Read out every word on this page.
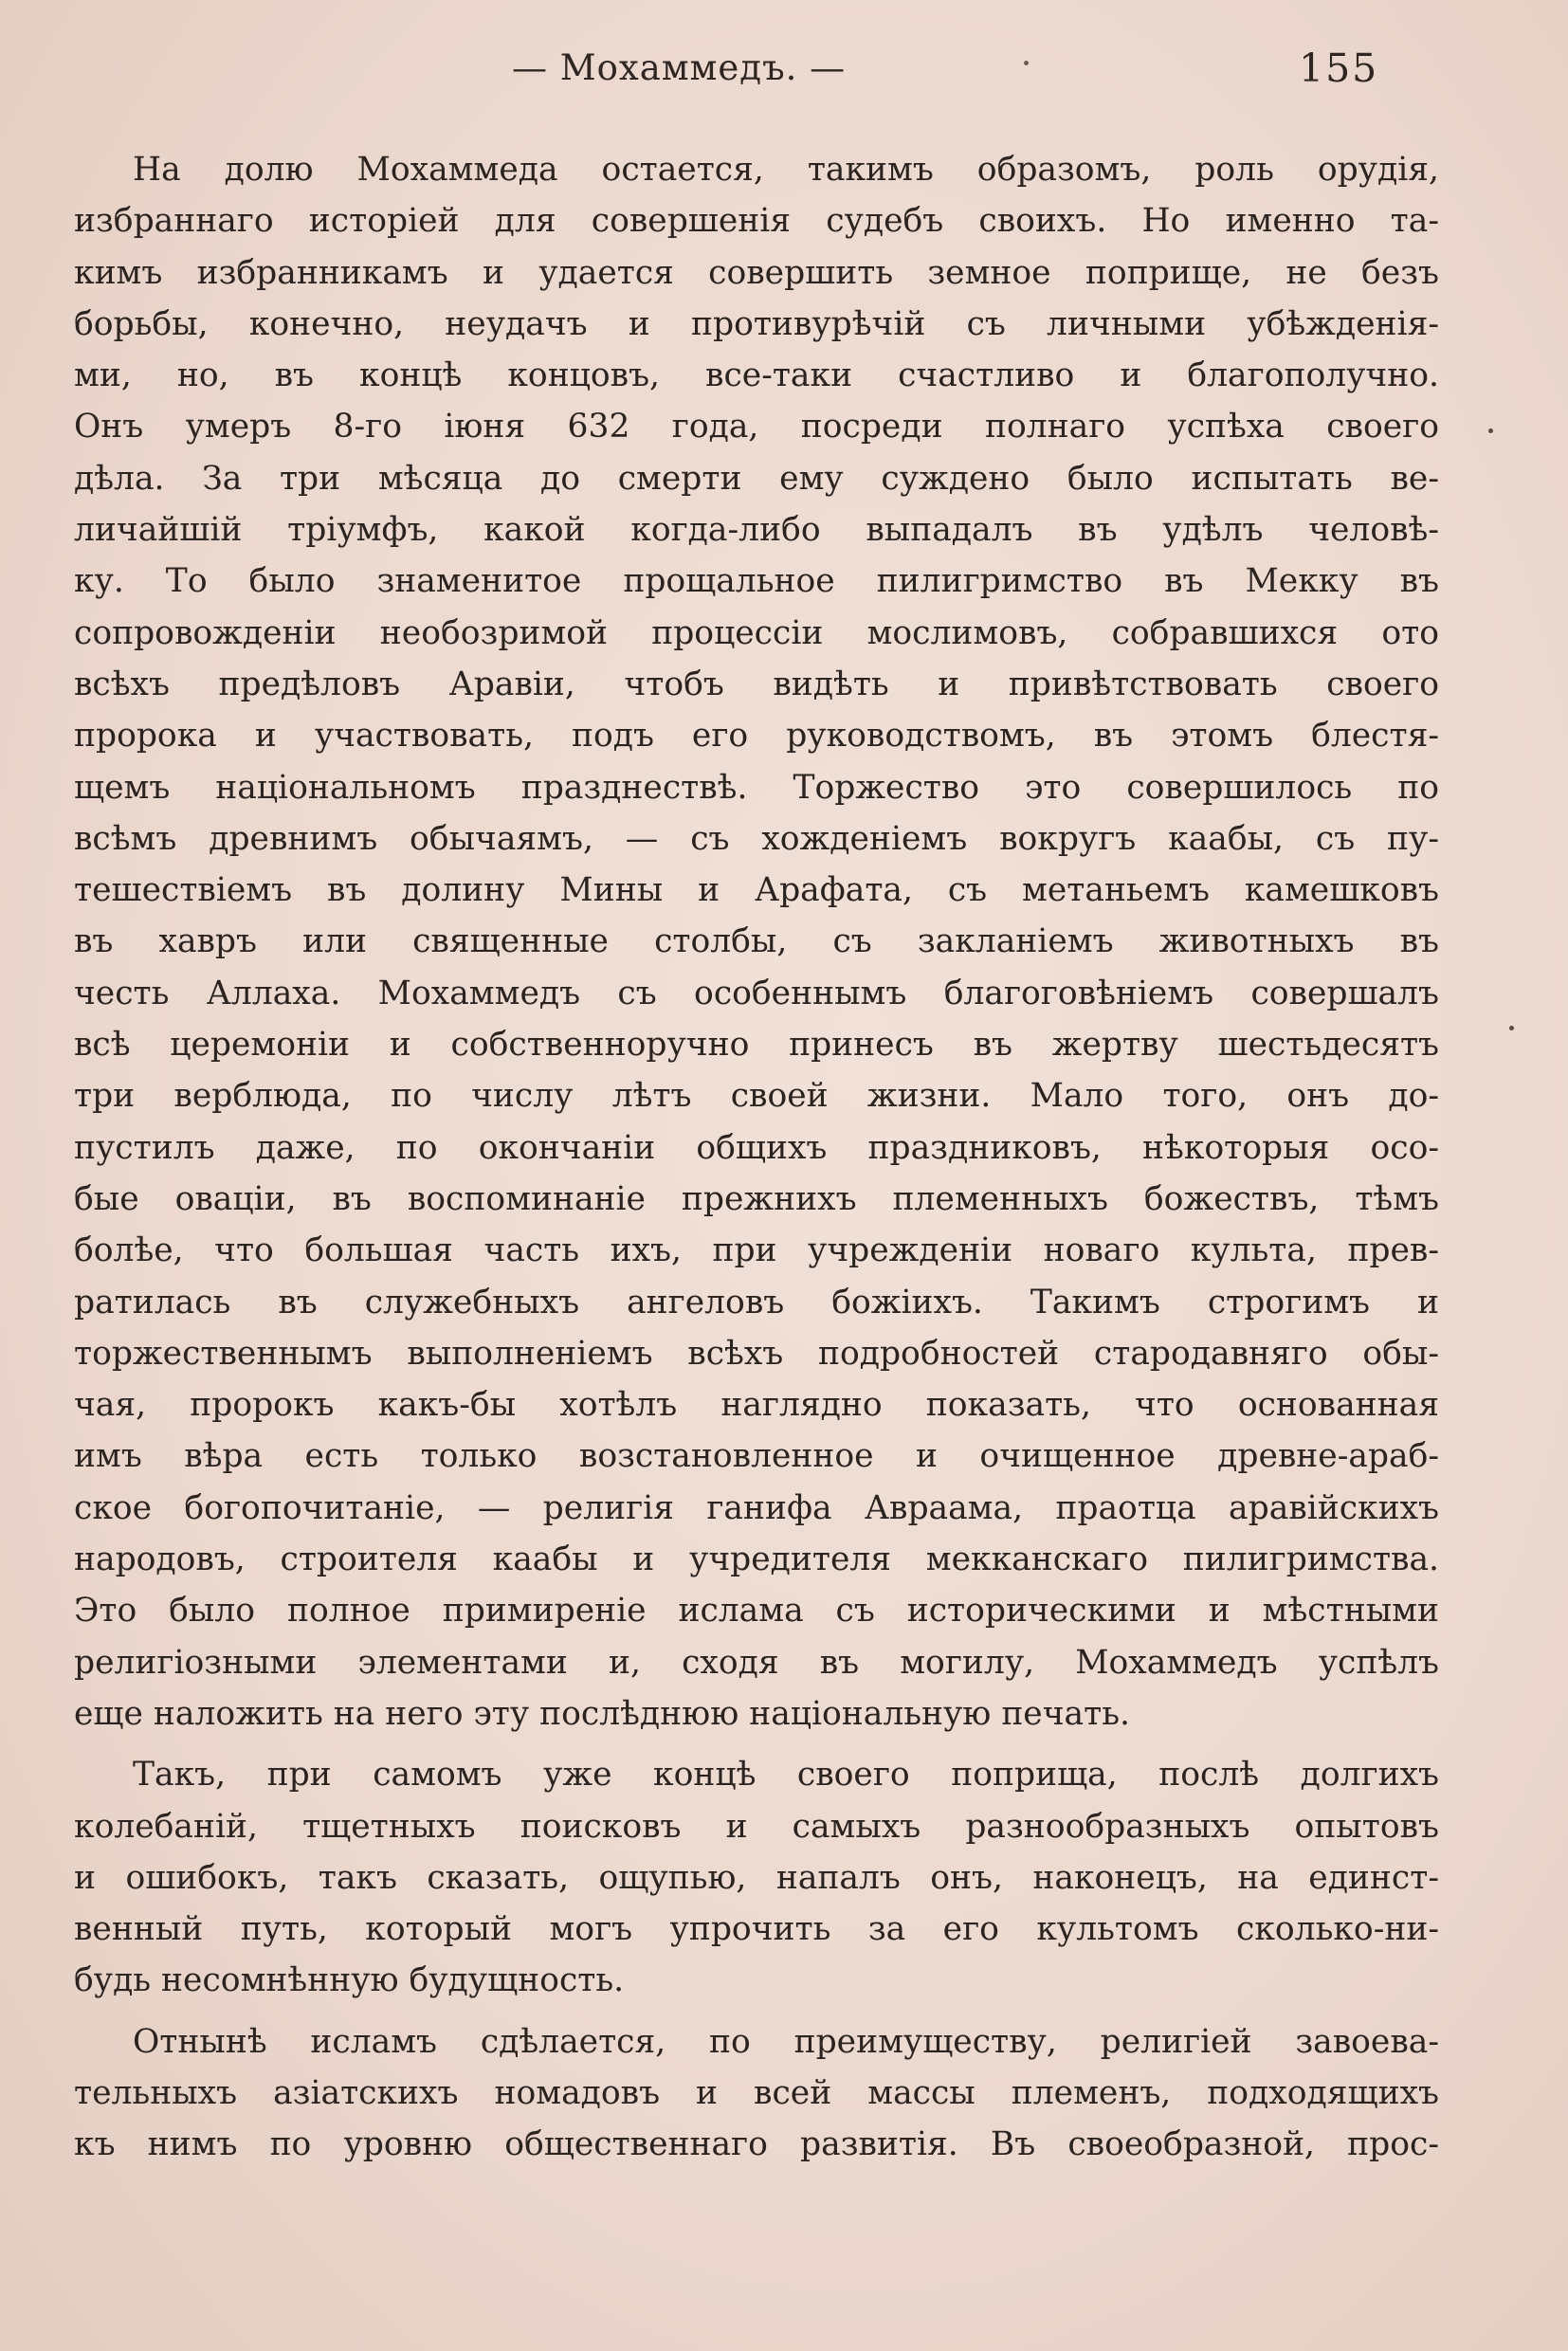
— Мохаммедъ. —	155
На долю Мохаммеда остается, такимъ образомъ, роль орудія,
избраннаго исторіей для совершенія судебъ своихъ. Но именно та-
кимъ избранникамъ и удается совершить земное поприще, не безъ
борьбы, конечно, неудачъ и противурѣчій съ личными убѣжденія-
ми, но, въ концѣ концовъ, все-таки счастливо и благополучно.
Онъ умеръ 8-го іюня 632 года, посреди полнаго успѣха своего
дѣла. За три мѣсяца до смерти ему суждено было испытать ве-
личайшій тріумфъ, какой когда-либо выпадалъ въ удѣлъ человѣ-
ку. То было знаменитое прощальное пилигримство въ Мекку въ
сопровожденіи необозримой процессіи мослимовъ, собравшихся ото
всѣхъ предѣловъ Аравіи, чтобъ видѣть и привѣтствовать своего
пророка и участвовать, подъ его руководствомъ, въ этомъ блестя-
щемъ національномъ празднествѣ. Торжество это совершилось по
всѣмъ древнимъ обычаямъ, — съ хожденіемъ вокругъ каабы, съ пу-
тешествіемъ въ долину Мины и Арафата, съ метаньемъ камешковъ
въ хавръ или священные столбы, съ закланіемъ животныхъ въ
честь Аллаха. Мохаммедъ съ особеннымъ благоговѣніемъ совершалъ
всѣ церемоніи и собственноручно принесъ въ жертву шестьдесятъ
три верблюда, по числу лѣтъ своей жизни. Мало того, онъ до-
пустилъ даже, по окончаніи общихъ праздниковъ, нѣкоторыя осо-
бые оваціи, въ воспоминаніе прежнихъ племенныхъ божествъ, тѣмъ
болѣе, что большая часть ихъ, при учрежденіи новаго культа, прев-
ратилась въ служебныхъ ангеловъ божіихъ. Такимъ строгимъ и
торжественнымъ выполненіемъ всѣхъ подробностей стародавняго обы-
чая, пророкъ какъ-бы хотѣлъ наглядно показать, что основанная
имъ вѣра есть только возстановленное и очищенное древне-араб-
ское богопочитаніе, — религія ганифа Авраама, праотца аравійскихъ
народовъ, строителя каабы и учредителя мекканскаго пилигримства.
Это было полное примиреніе ислама съ историческими и мѣстными
религіозными элементами и, сходя въ могилу, Мохаммедъ успѣлъ
еще наложить на него эту послѣднюю національную печать.
Такъ, при самомъ уже концѣ своего поприща, послѣ долгихъ
колебаній, тщетныхъ поисковъ и самыхъ разнообразныхъ опытовъ
и ошибокъ, такъ сказать, ощупью, напалъ онъ, наконецъ, на единст-
венный путь, который могъ упрочить за его культомъ сколько-ни-
будь несомнѣнную будущность.
Отнынѣ исламъ сдѣлается, по преимуществу, религіей завоева-
тельныхъ азіатскихъ номадовъ и всей массы племенъ, подходящихъ
къ нимъ по уровню общественнаго развитія. Въ своеобразной, прос-
